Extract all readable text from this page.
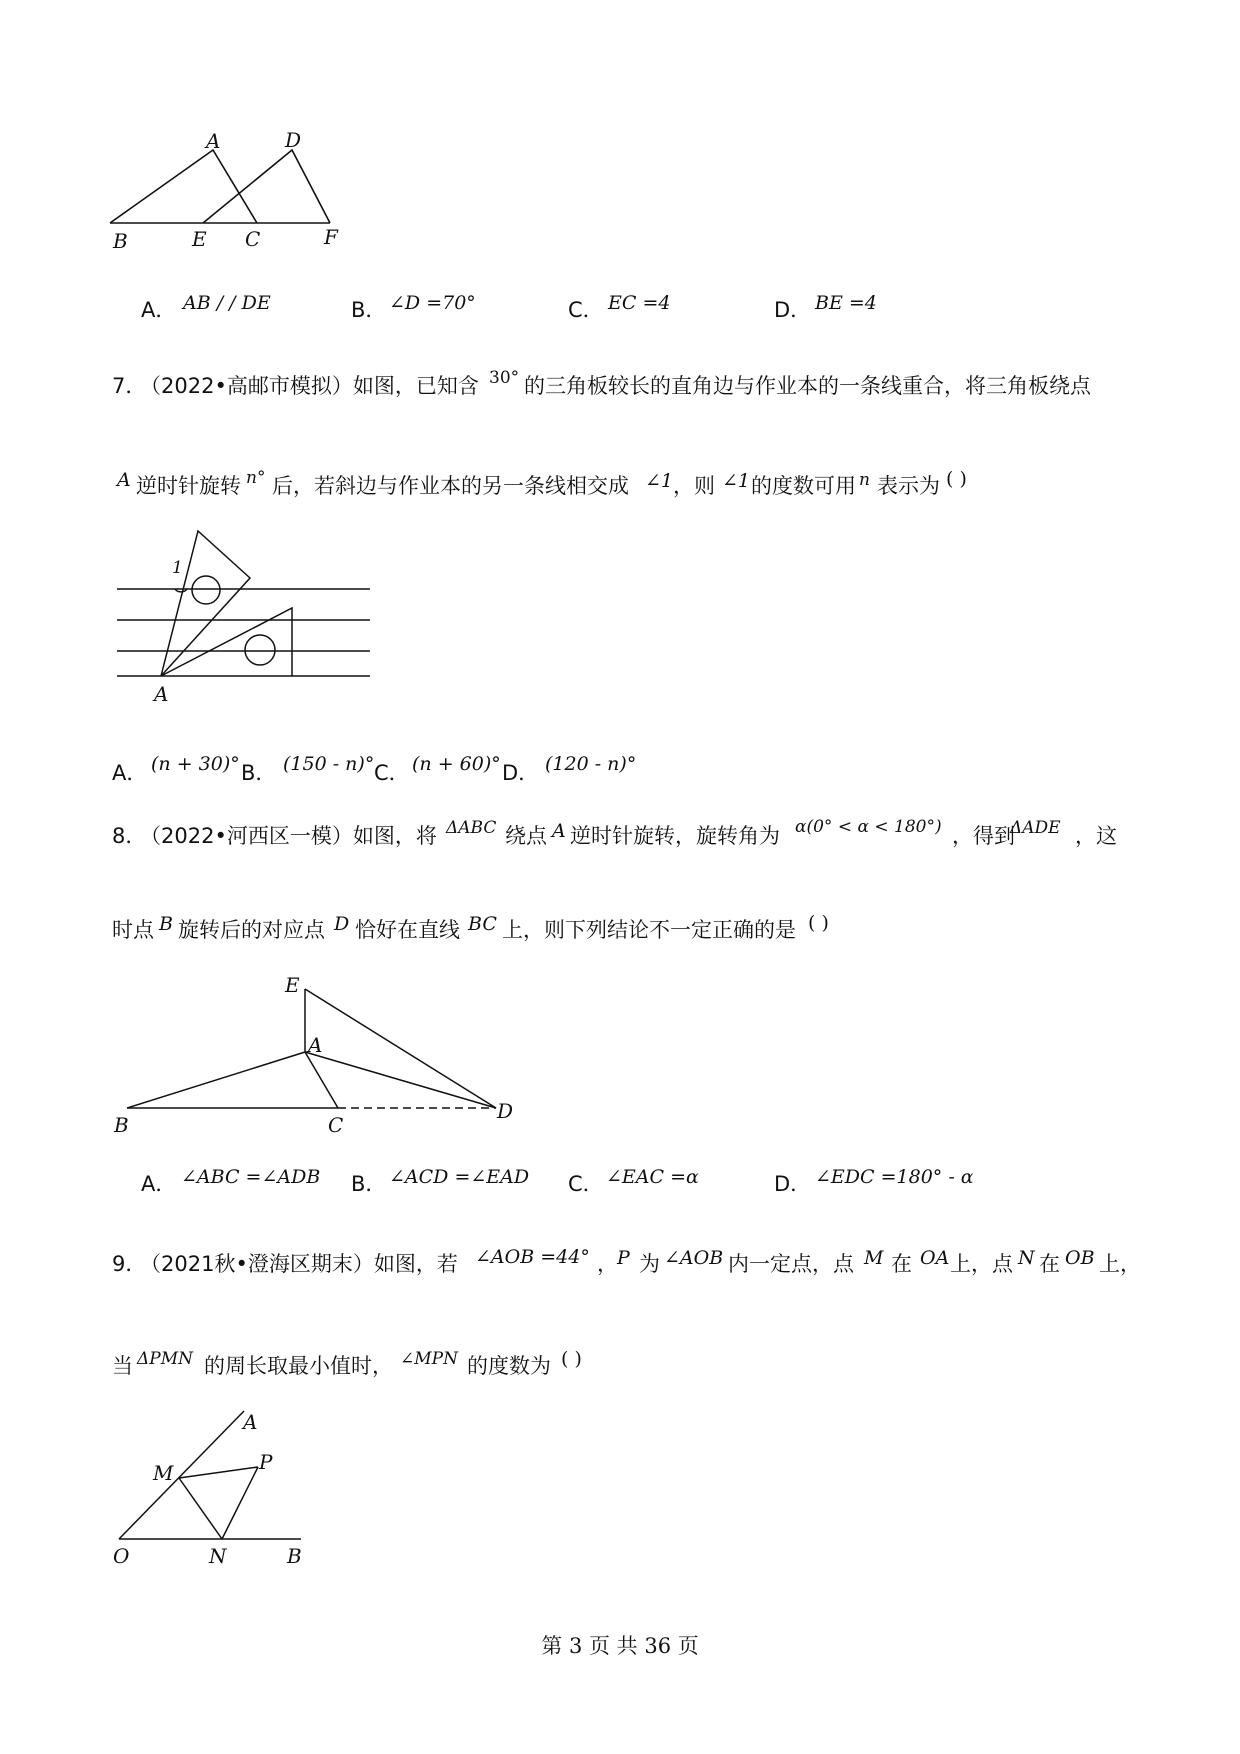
A	D
B	E C	F
A． AB / / DE	B． ∠D =70°	C． EC =4	D． BE =4
7．
（2022•高邮市模拟）如图，已知含 30° 的三角板较长的直角边与作业本的一条线重合，将三角板绕点
A 逆时针旋转 n° 后，若斜边与作业本的另一条线相交成 ∠1 ，则 ∠1 的度数可用 n 表示为 ( )
1
A
A． (n + 30)° B． (150 - n)° C． (n + 60)° D． (120 - n)°
8．
（2022•河西区一模）如图，将 ΔABC 绕点 A 逆时针旋转，旋转角为 α(0° < α < 180°) ，得到
ΔADE ，这
时点 B 旋转后的对应点 D 恰好在直线 BC 上，则下列结论不一定正确的是 ( )
E
A
B	C
D
A． ∠ABC =∠ADB B． ∠ACD =∠EAD C． ∠EAC =α	D． ∠EDC =180° - α
9．
（2021秋•澄海区期末）如图，若 ∠AOB =44° ， P 为 ∠AOB 内一定点，点 M 在 OA 上，点 N 在 OB 上，
当 ΔPMN 的周长取最小值时， ∠MPN 的度数为 ( )
A
M	P
O	N	B
第 3 页 共 36 页
